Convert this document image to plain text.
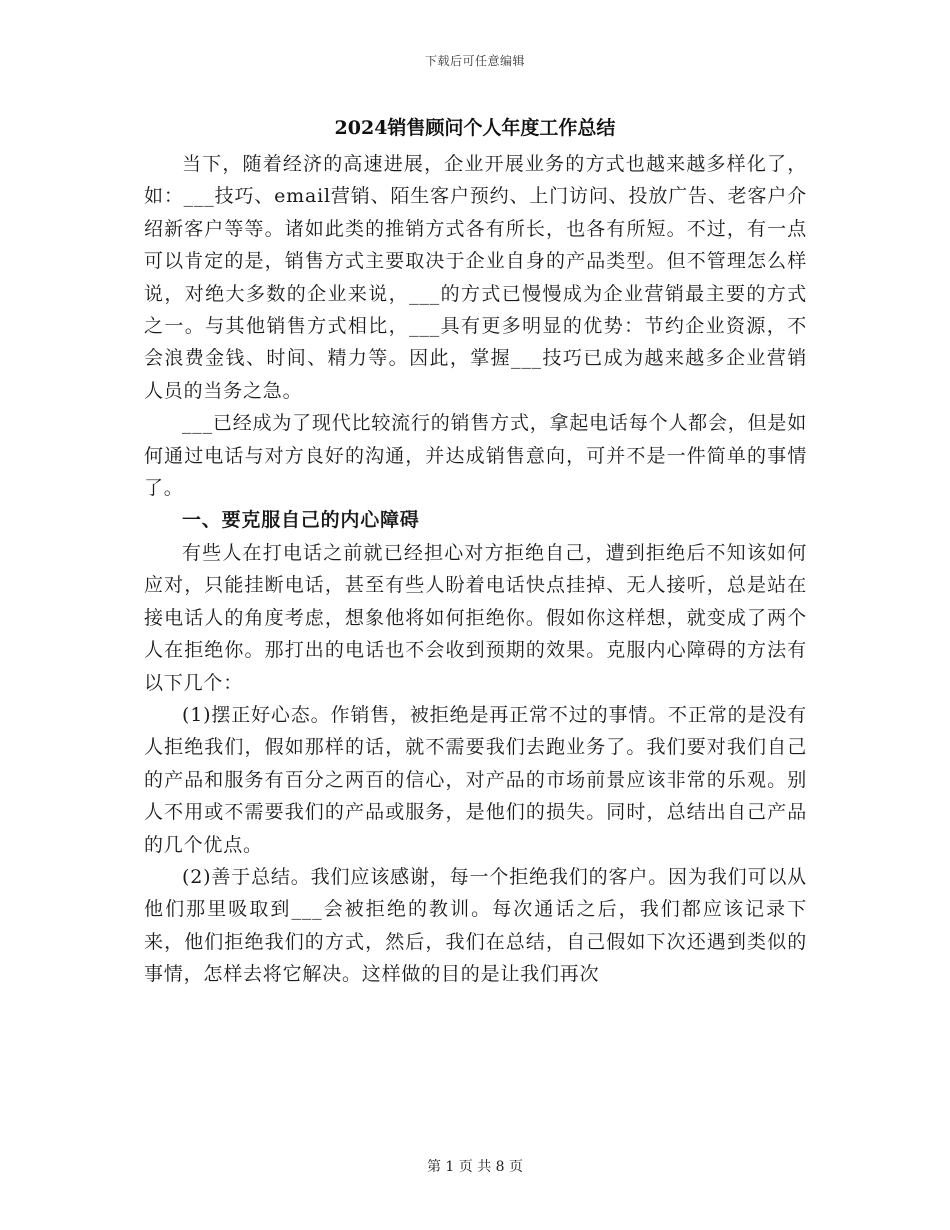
下载后可任意编辑
2024销售顾问个人年度工作总结

当下，随着经济的高速进展，企业开展业务的方式也越来越多样化了，如：___技巧、email营销、陌生客户预约、上门访问、投放广告、老客户介绍新客户等等。诸如此类的推销方式各有所长，也各有所短。不过，有一点可以肯定的是，销售方式主要取决于企业自身的产品类型。但不管理怎么样说，对绝大多数的企业来说，___的方式已慢慢成为企业营销最主要的方式之一。与其他销售方式相比，___具有更多明显的优势：节约企业资源，不会浪费金钱、时间、精力等。因此，掌握___技巧已成为越来越多企业营销人员的当务之急。

___已经成为了现代比较流行的销售方式，拿起电话每个人都会，但是如何通过电话与对方良好的沟通，并达成销售意向，可并不是一件简单的事情了。

一、要克服自己的内心障碍

有些人在打电话之前就已经担心对方拒绝自己，遭到拒绝后不知该如何应对，只能挂断电话，甚至有些人盼着电话快点挂掉、无人接听，总是站在接电话人的角度考虑，想象他将如何拒绝你。假如你这样想，就变成了两个人在拒绝你。那打出的电话也不会收到预期的效果。克服内心障碍的方法有以下几个：

(1)摆正好心态。作销售，被拒绝是再正常不过的事情。不正常的是没有人拒绝我们，假如那样的话，就不需要我们去跑业务了。我们要对我们自己的产品和服务有百分之两百的信心，对产品的市场前景应该非常的乐观。别人不用或不需要我们的产品或服务，是他们的损失。同时，总结出自己产品的几个优点。

(2)善于总结。我们应该感谢，每一个拒绝我们的客户。因为我们可以从他们那里吸取到___会被拒绝的教训。每次通话之后，我们都应该记录下来，他们拒绝我们的方式，然后，我们在总结，自己假如下次还遇到类似的事情，怎样去将它解决。这样做的目的是让我们再次

第 1 页 共 8 页
